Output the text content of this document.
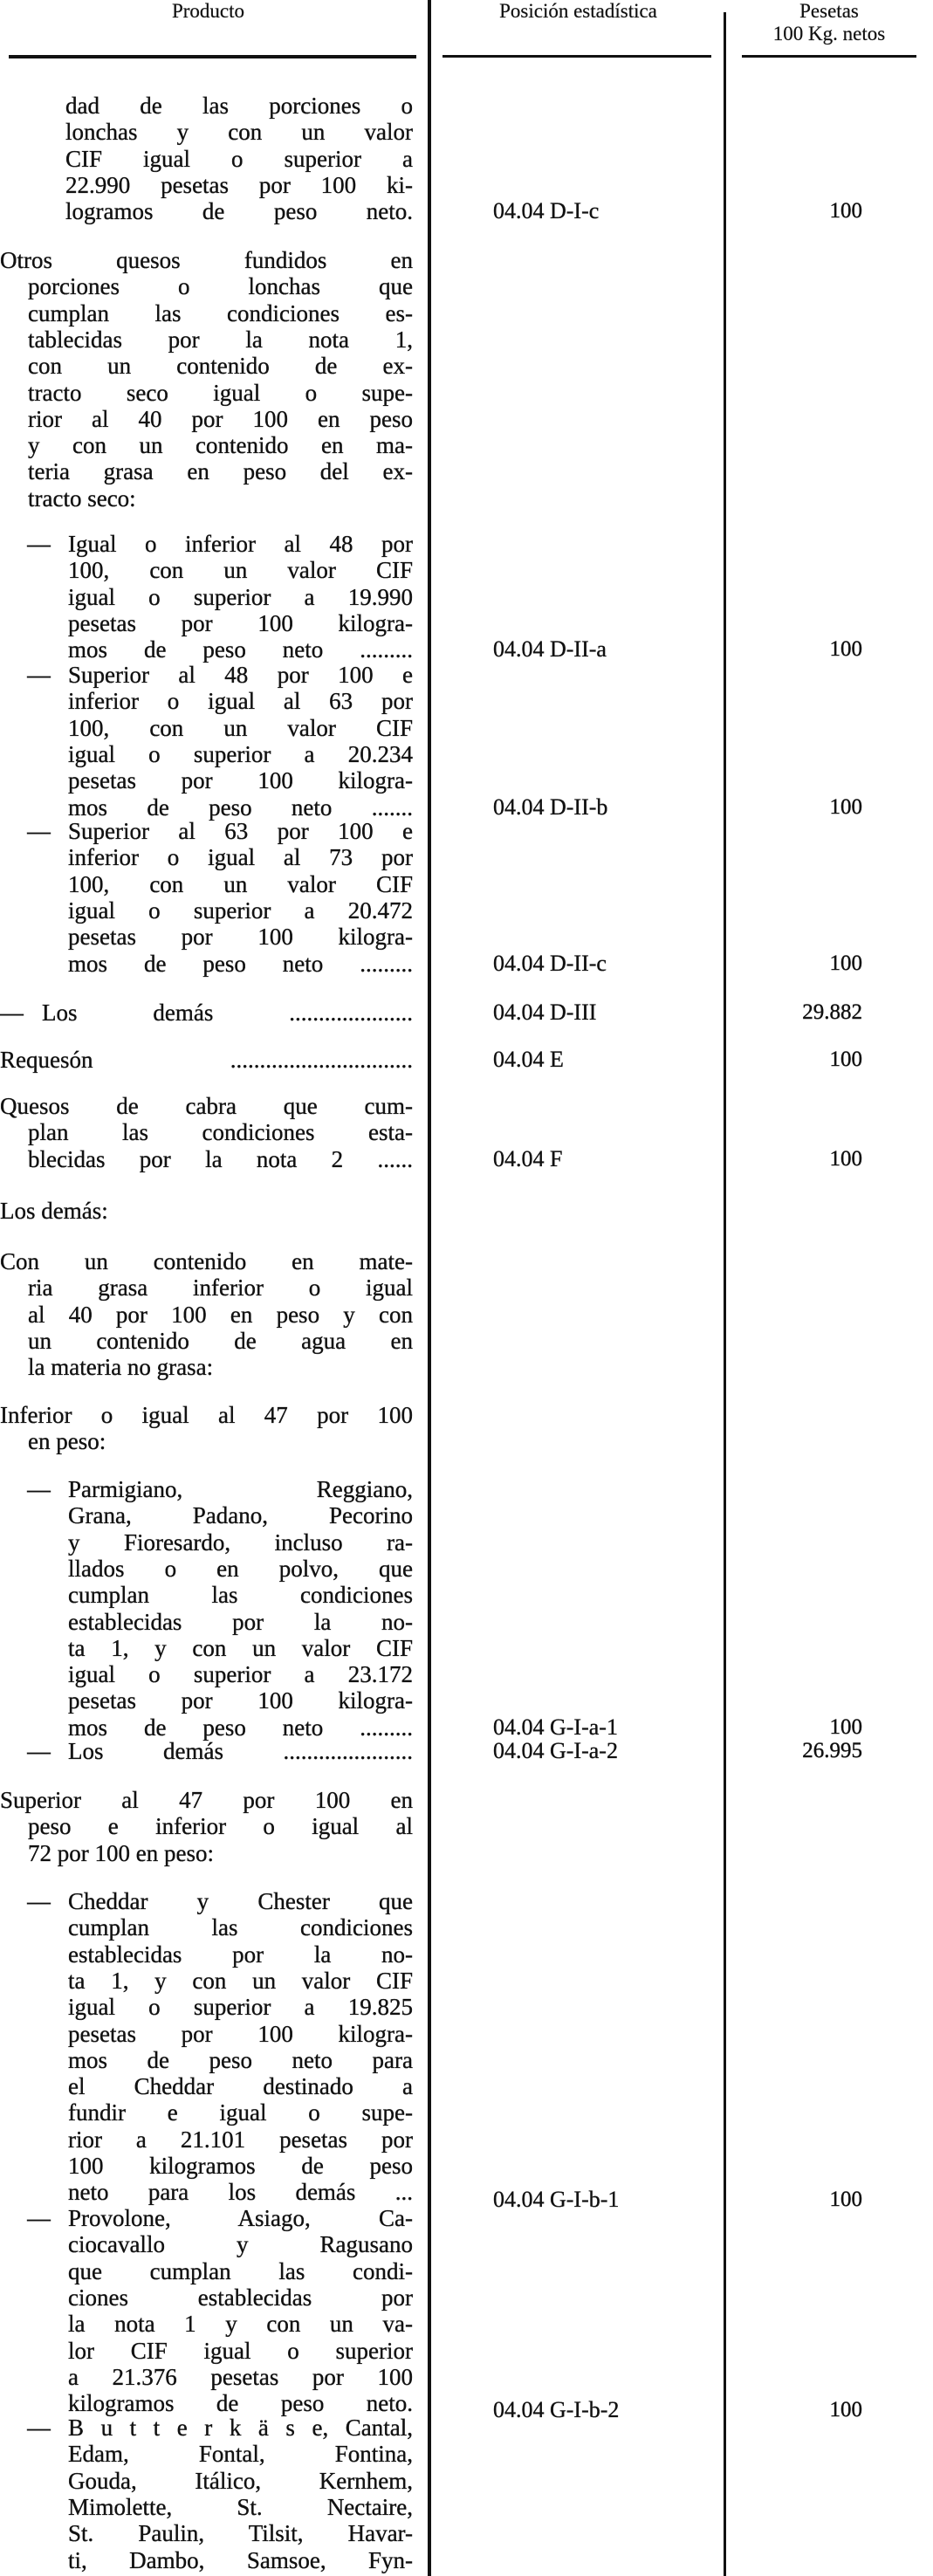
Producto	Posición estadística	Pesetas
100 Kg. netos
dad de las porciones o
lonchas y con un valor
CIF igual o superior a
22.990 pesetas por 100 ki-
logramos de peso neto.	04.04 D-I-c	100
Otros quesos fundidos en
porciones o lonchas que
cumplan las condiciones es-
tablecidas por la nota 1,
con un contenido de ex-
tracto seco igual o supe-
rior al 40 por 100 en peso
y con un contenido en ma-
teria grasa en peso del ex-
tracto seco:
— Igual o inferior al 48 por
100, con un valor CIF
igual o superior a 19.990
pesetas por 100 kilogra-
mos de peso neto .........	04.04 D-II-a	100
— Superior al 48 por 100 e
inferior o igual al 63 por
100, con un valor CIF
igual o superior a 20.234
pesetas por 100 kilogra-
mos de peso neto .......	04.04 D-II-b	100
— Superior al 63 por 100 e
inferior o igual al 73 por
100, con un valor CIF
igual o superior a 20.472
pesetas por 100 kilogra-
mos de peso neto .........	04.04 D-II-c	100
— Los demás .....................	04.04 D-III	29.882
Requesón ...............................	04.04 E	100
Quesos de cabra que cum-
plan las condiciones esta-
blecidas por la nota 2 ......	04.04 F	100
Los demás:
Con un contenido en mate-
ria grasa inferior o igual
al 40 por 100 en peso y con
un contenido de agua en
la materia no grasa:
Inferior o igual al 47 por 100
en peso:
— Parmigiano, Reggiano,
Grana, Padano, Pecorino
y Fioresardo, incluso ra-
llados o en polvo, que
cumplan las condiciones
establecidas por la no-
ta 1, y con un valor CIF
igual o superior a 23.172
pesetas por 100 kilogra-
mos de peso neto .........	04.04 G-I-a-1	100
— Los demás ......................	04.04 G-I-a-2	26.995
Superior al 47 por 100 en
peso e inferior o igual al
72 por 100 en peso:
— Cheddar y Chester que
cumplan las condiciones
establecidas por la no-
ta 1, y con un valor CIF
igual o superior a 19.825
pesetas por 100 kilogra-
mos de peso neto para
el Cheddar destinado a
fundir e igual o supe-
rior a 21.101 pesetas por
100 kilogramos de peso
neto para los demás ...	04.04 G-I-b-1	100
— Provolone, Asiago, Ca-
ciocavallo y Ragusano
que cumplan las condi-
ciones establecidas por
la nota 1 y con un va-
lor CIF igual o superior
a 21.376 pesetas por 100
kilogramos de peso neto.	04.04 G-I-b-2	100
— B u t t e r k ä s e, Cantal,
Edam, Fontal, Fontina,
Gouda, Itálico, Kernhem,
Mimolette, St. Nectaire,
St. Paulin, Tilsit, Havar-
ti, Dambo, Samsoe, Fyn-
